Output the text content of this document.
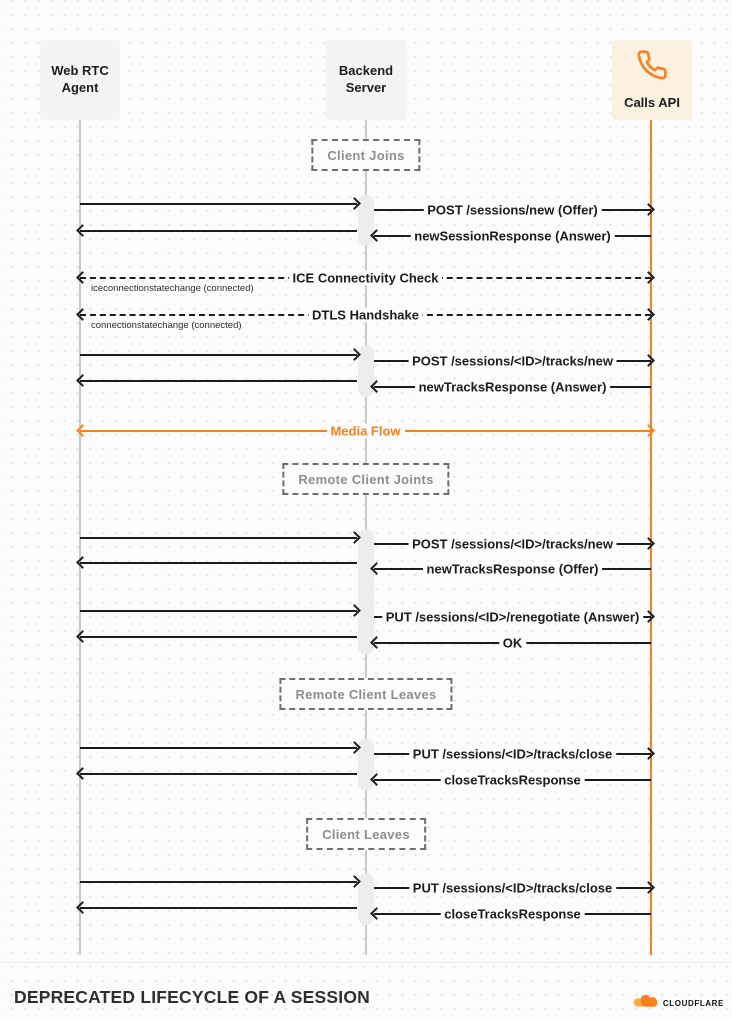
Web RTC
Agent
Backend
Server
Calls API
Client Joins
Remote Client Joints
Remote Client Leaves
Client Leaves
POST /sessions/new (Offer)
newSessionResponse (Answer)
ICE Connectivity Check
iceconnectionstatechange (connected)
DTLS Handshake
connectionstatechange (connected)
POST /sessions/<ID>/tracks/new
newTracksResponse (Answer)
Media Flow
POST /sessions/<ID>/tracks/new
newTracksResponse (Offer)
PUT /sessions/<ID>/renegotiate (Answer)
OK
PUT /sessions/<ID>/tracks/close
closeTracksResponse
PUT /sessions/<ID>/tracks/close
closeTracksResponse
DEPRECATED LIFECYCLE OF A SESSION	CLOUDFLARE
